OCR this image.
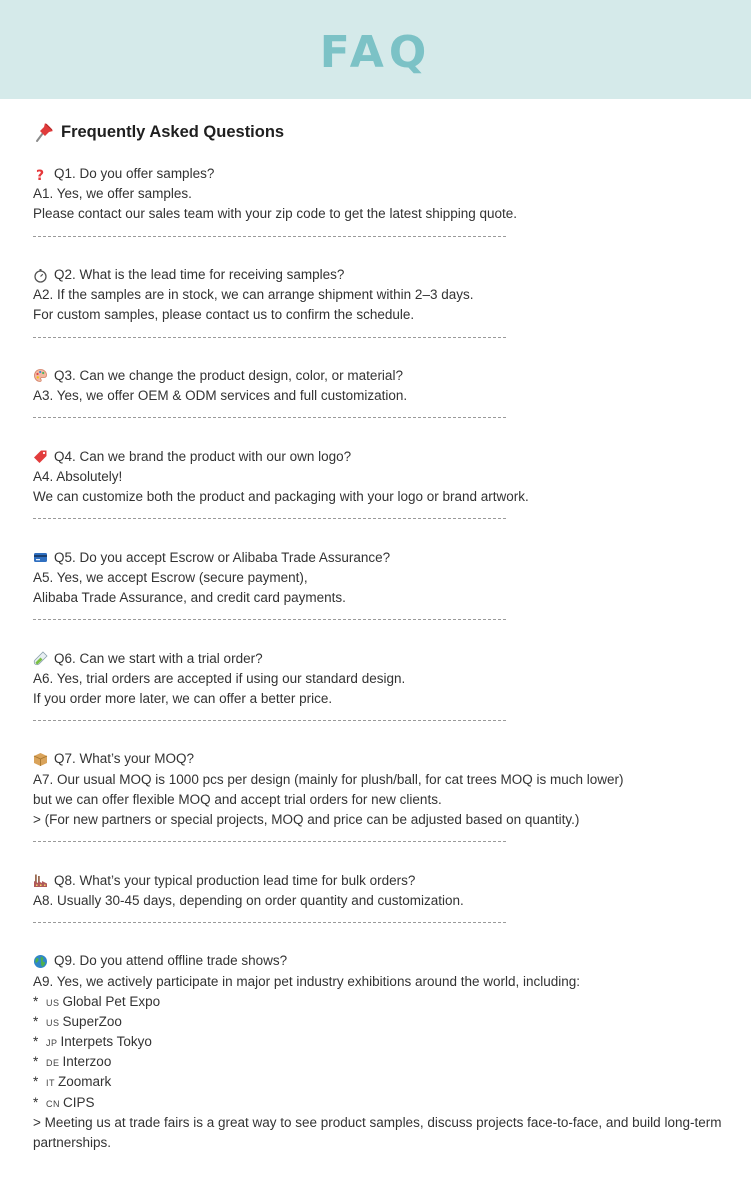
FAQ
Frequently Asked Questions
? Q1. Do you offer samples?
A1. Yes, we offer samples.
Please contact our sales team with your zip code to get the latest shipping quote.
Q2. What is the lead time for receiving samples?
A2. If the samples are in stock, we can arrange shipment within 2–3 days.
For custom samples, please contact us to confirm the schedule.
Q3. Can we change the product design, color, or material?
A3. Yes, we offer OEM & ODM services and full customization.
Q4. Can we brand the product with our own logo?
A4. Absolutely!
We can customize both the product and packaging with your logo or brand artwork.
Q5. Do you accept Escrow or Alibaba Trade Assurance?
A5. Yes, we accept Escrow (secure payment),
Alibaba Trade Assurance, and credit card payments.
Q6. Can we start with a trial order?
A6. Yes, trial orders are accepted if using our standard design.
If you order more later, we can offer a better price.
Q7. What’s your MOQ?
A7. Our usual MOQ is 1000 pcs per design (mainly for plush/ball, for cat trees MOQ is much lower)
but we can offer flexible MOQ and accept trial orders for new clients.
> (For new partners or special projects, MOQ and price can be adjusted based on quantity.)
Q8. What’s your typical production lead time for bulk orders?
A8. Usually 30-45 days, depending on order quantity and customization.
Q9. Do you attend offline trade shows?
A9. Yes, we actively participate in major pet industry exhibitions around the world, including:
* US Global Pet Expo
* US SuperZoo
* JP Interpets Tokyo
* DE Interzoo
* IT Zoomark
* CN CIPS
> Meeting us at trade fairs is a great way to see product samples, discuss projects face-to-face, and build long-term partnerships.
